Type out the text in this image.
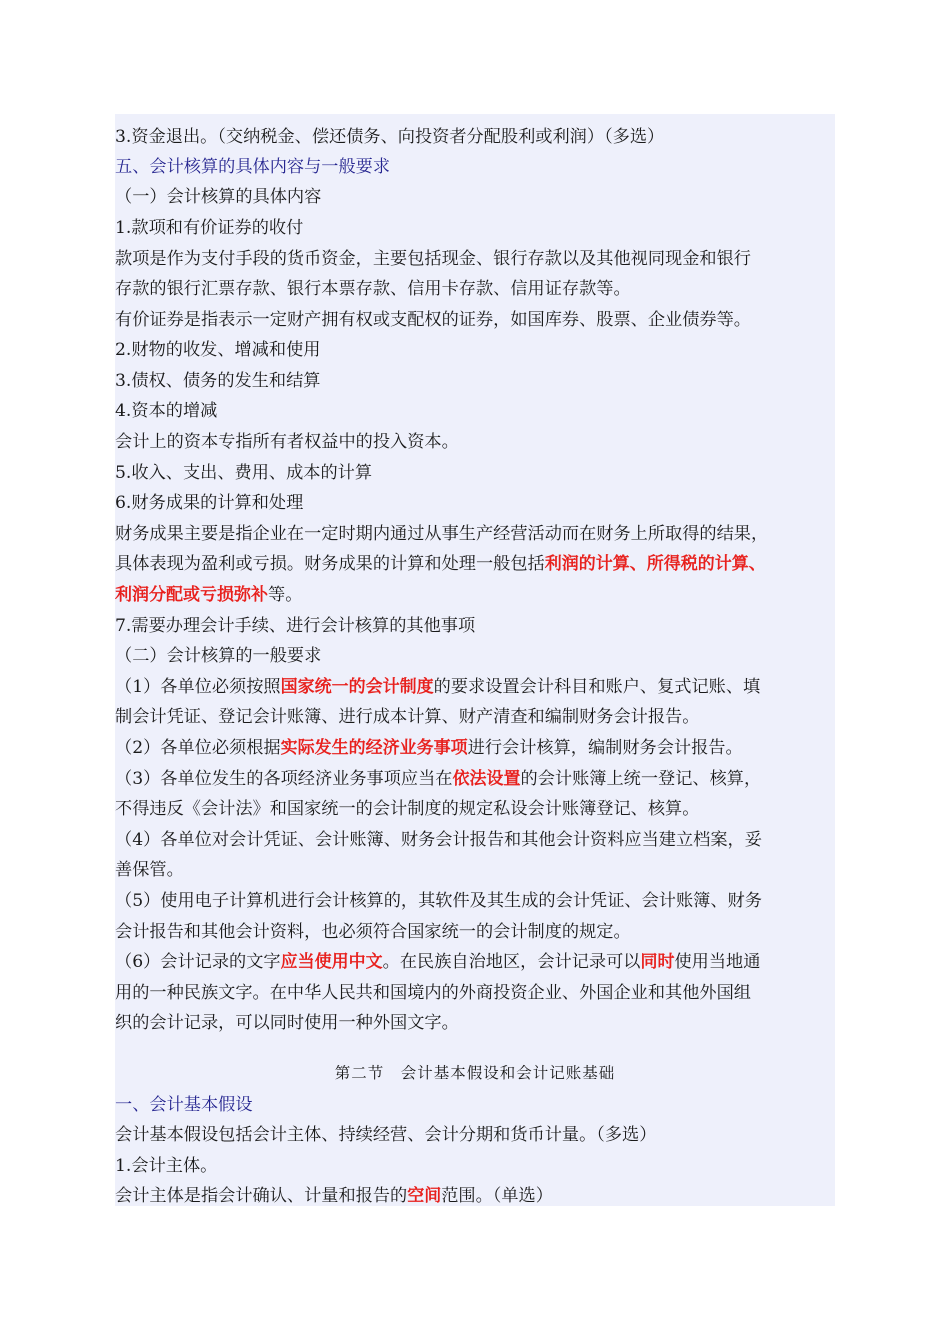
3.资金退出。（交纳税金、偿还债务、向投资者分配股利或利润）（多选）
五、会计核算的具体内容与一般要求
（一）会计核算的具体内容
1.款项和有价证券的收付
款项是作为支付手段的货币资金，主要包括现金、银行存款以及其他视同现金和银行
存款的银行汇票存款、银行本票存款、信用卡存款、信用证存款等。
有价证券是指表示一定财产拥有权或支配权的证券，如国库券、股票、企业债券等。
2.财物的收发、增减和使用
3.债权、债务的发生和结算
4.资本的增减
会计上的资本专指所有者权益中的投入资本。
5.收入、支出、费用、成本的计算
6.财务成果的计算和处理
财务成果主要是指企业在一定时期内通过从事生产经营活动而在财务上所取得的结果，
具体表现为盈利或亏损。财务成果的计算和处理一般包括利润的计算、所得税的计算、
利润分配或亏损弥补等。
7.需要办理会计手续、进行会计核算的其他事项
（二）会计核算的一般要求
（1）各单位必须按照国家统一的会计制度的要求设置会计科目和账户、复式记账、填
制会计凭证、登记会计账簿、进行成本计算、财产清查和编制财务会计报告。
（2）各单位必须根据实际发生的经济业务事项进行会计核算，编制财务会计报告。
（3）各单位发生的各项经济业务事项应当在依法设置的会计账簿上统一登记、核算，
不得违反《会计法》和国家统一的会计制度的规定私设会计账簿登记、核算。
（4）各单位对会计凭证、会计账簿、财务会计报告和其他会计资料应当建立档案，妥
善保管。
（5）使用电子计算机进行会计核算的，其软件及其生成的会计凭证、会计账簿、财务
会计报告和其他会计资料，也必须符合国家统一的会计制度的规定。
（6）会计记录的文字应当使用中文。在民族自治地区，会计记录可以同时使用当地通
用的一种民族文字。在中华人民共和国境内的外商投资企业、外国企业和其他外国组
织的会计记录，可以同时使用一种外国文字。
第二节　会计基本假设和会计记账基础
一、会计基本假设
会计基本假设包括会计主体、持续经营、会计分期和货币计量。（多选）
1.会计主体。
会计主体是指会计确认、计量和报告的空间范围。（单选）
